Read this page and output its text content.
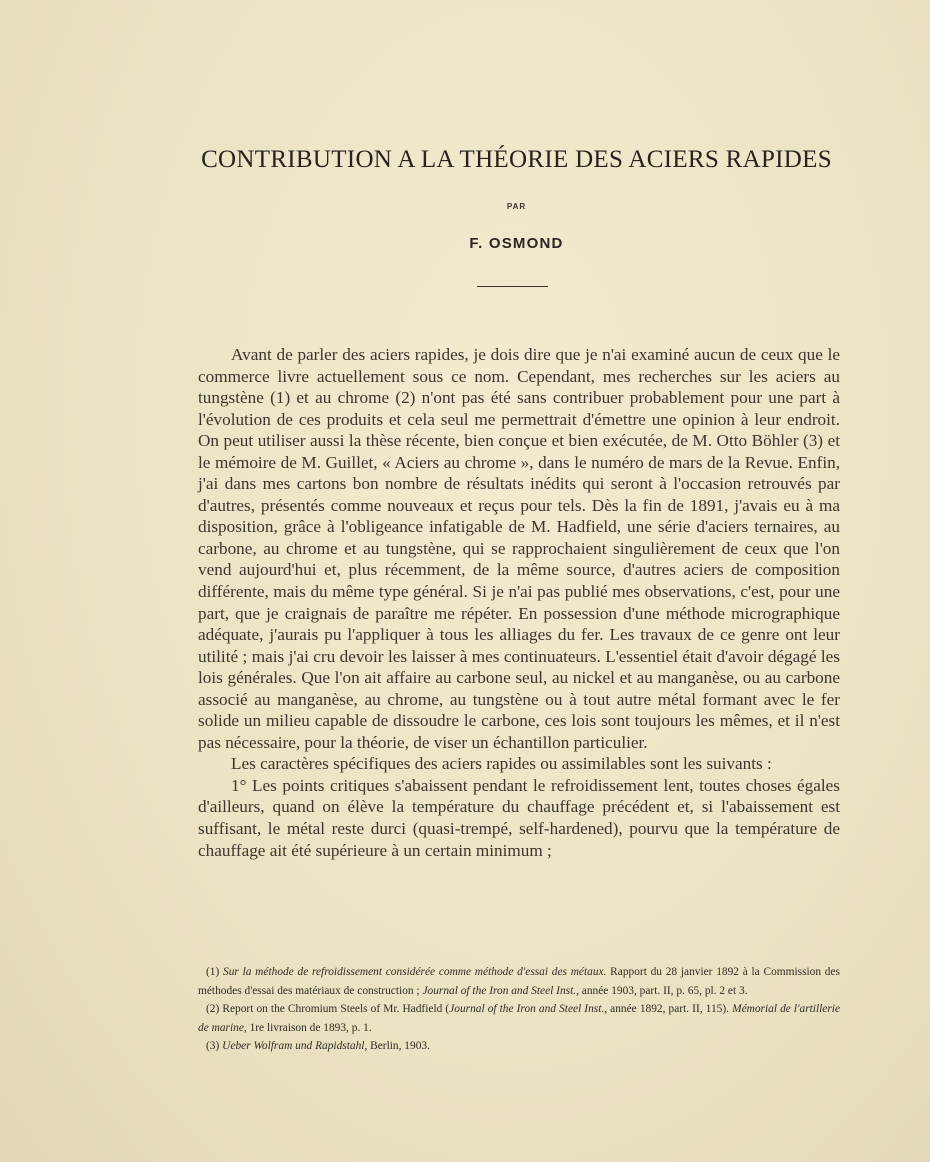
CONTRIBUTION A LA THÉORIE DES ACIERS RAPIDES
PAR
F. OSMOND

Avant de parler des aciers rapides, je dois dire que je n'ai examiné aucun de ceux que le commerce livre actuellement sous ce nom. Cependant, mes recherches sur les aciers au tungstène (1) et au chrome (2) n'ont pas été sans contribuer probablement pour une part à l'évolution de ces produits et cela seul me permettrait d'émettre une opinion à leur endroit. On peut utiliser aussi la thèse récente, bien conçue et bien exécutée, de M. Otto Böhler (3) et le mémoire de M. Guillet, « Aciers au chrome », dans le numéro de mars de la Revue. Enfin, j'ai dans mes cartons bon nombre de résultats inédits qui seront à l'occasion retrouvés par d'autres, présentés comme nouveaux et reçus pour tels. Dès la fin de 1891, j'avais eu à ma disposition, grâce à l'obligeance infatigable de M. Hadfield, une série d'aciers ternaires, au carbone, au chrome et au tungstène, qui se rapprochaient singulièrement de ceux que l'on vend aujourd'hui et, plus récemment, de la même source, d'autres aciers de composition différente, mais du même type général. Si je n'ai pas publié mes observations, c'est, pour une part, que je craignais de paraître me répéter. En possession d'une méthode micrographique adéquate, j'aurais pu l'appliquer à tous les alliages du fer. Les travaux de ce genre ont leur utilité ; mais j'ai cru devoir les laisser à mes continuateurs. L'essentiel était d'avoir dégagé les lois générales. Que l'on ait affaire au carbone seul, au nickel et au manganèse, ou au carbone associé au manganèse, au chrome, au tungstène ou à tout autre métal formant avec le fer solide un milieu capable de dissoudre le carbone, ces lois sont toujours les mêmes, et il n'est pas nécessaire, pour la théorie, de viser un échantillon particulier.

Les caractères spécifiques des aciers rapides ou assimilables sont les suivants :

1° Les points critiques s'abaissent pendant le refroidissement lent, toutes choses égales d'ailleurs, quand on élève la température du chauffage précédent et, si l'abaissement est suffisant, le métal reste durci (quasi-trempé, self-hardened), pourvu que la température de chauffage ait été supérieure à un certain minimum ;

(1) Sur la méthode de refroidissement considérée comme méthode d'essai des métaux. Rapport du 28 janvier 1892 à la Commission des méthodes d'essai des matériaux de construction ; Journal of the Iron and Steel Inst., année 1903, part. II, p. 65, pl. 2 et 3.

(2) Report on the Chromium Steels of Mr. Hadfield (Journal of the Iron and Steel Inst., année 1892, part. II, 115). Mémorial de l'artillerie de marine, 1re livraison de 1893, p. 1.

(3) Ueber Wolfram und Rapidstahl, Berlin, 1903.
